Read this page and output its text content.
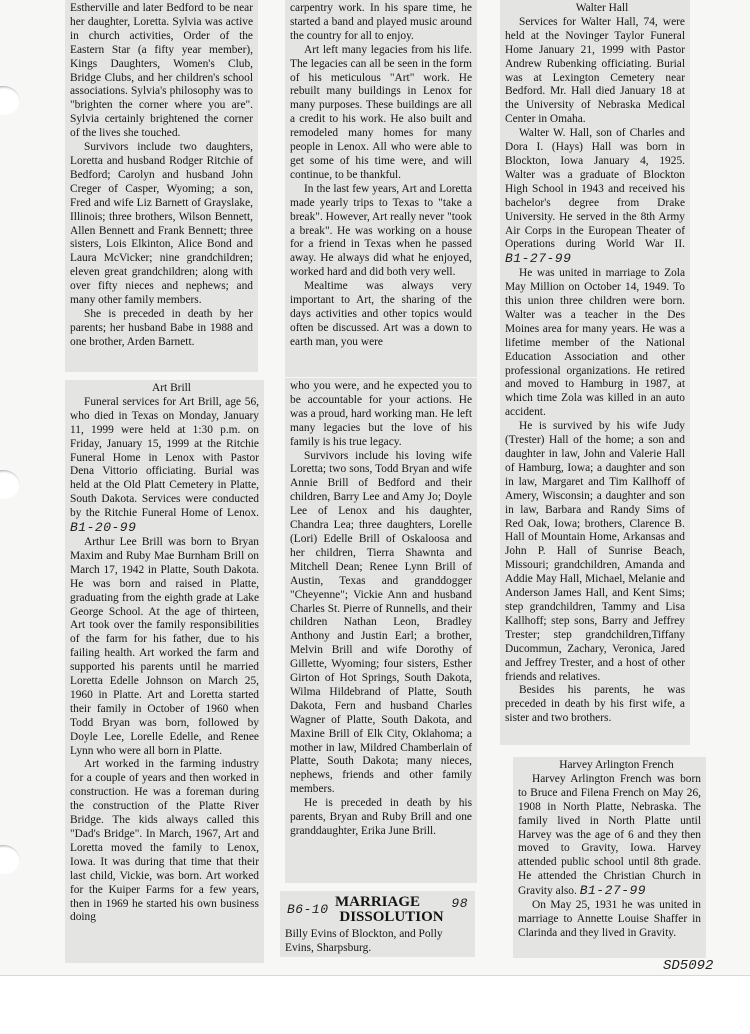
Estherville and later Bedford to be near her daughter, Loretta. Sylvia was active in church activities, Order of the Eastern Star (a fifty year member), Kings Daughters, Women's Club, Bridge Clubs, and her children's school associations. Sylvia's philosophy was to "brighten the corner where you are". Sylvia certainly brightened the corner of the lives she touched.

Survivors include two daughters, Loretta and husband Rodger Ritchie of Bedford; Carolyn and husband John Creger of Casper, Wyoming; a son, Fred and wife Liz Barnett of Grayslake, Illinois; three brothers, Wilson Bennett, Allen Bennett and Frank Bennett; three sisters, Lois Elkinton, Alice Bond and Laura McVicker; nine grandchildren; eleven great grandchildren; along with over fifty nieces and nephews; and many other family members.

She is preceded in death by her parents; her husband Babe in 1988 and one brother, Arden Barnett.

Art Brill

Funeral services for Art Brill, age 56, who died in Texas on Monday, January 11, 1999 were held at 1:30 p.m. on Friday, January 15, 1999 at the Ritchie Funeral Home in Lenox with Pastor Dena Vittorio officiating. Burial was held at the Old Platt Cemetery in Platte, South Dakota. Services were conducted by the Ritchie Funeral Home of Lenox. B1-20-99

Arthur Lee Brill was born to Bryan Maxim and Ruby Mae Burnham Brill on March 17, 1942 in Platte, South Dakota. He was born and raised in Platte, graduating from the eighth grade at Lake George School. At the age of thirteen, Art took over the family responsibilities of the farm for his father, due to his failing health. Art worked the farm and supported his parents until he married Loretta Edelle Johnson on March 25, 1960 in Platte. Art and Loretta started their family in October of 1960 when Todd Bryan was born, followed by Doyle Lee, Lorelle Edelle, and Renee Lynn who were all born in Platte.

Art worked in the farming industry for a couple of years and then worked in construction. He was a foreman during the construction of the Platte River Bridge. The kids always called this "Dad's Bridge". In March, 1967, Art and Loretta moved the family to Lenox, Iowa. It was during that time that their last child, Vickie, was born. Art worked for the Kuiper Farms for a few years, then in 1969 he started his own business doing

carpentry work. In his spare time, he started a band and played music around the country for all to enjoy.

Art left many legacies from his life. The legacies can all be seen in the form of his meticulous "Art" work. He rebuilt many buildings in Lenox for many purposes. These buildings are all a credit to his work. He also built and remodeled many homes for many people in Lenox. All who were able to get some of his time were, and will continue, to be thankful.

In the last few years, Art and Loretta made yearly trips to Texas to "take a break". However, Art really never "took a break". He was working on a house for a friend in Texas when he passed away. He always did what he enjoyed, worked hard and did both very well.

Mealtime was always very important to Art, the sharing of the days activities and other topics would often be discussed. Art was a down to earth man, you were

who you were, and he expected you to be accountable for your actions. He was a proud, hard working man. He left many legacies but the love of his family is his true legacy.

Survivors include his loving wife Loretta; two sons, Todd Bryan and wife Annie Brill of Bedford and their children, Barry Lee and Amy Jo; Doyle Lee of Lenox and his daughter, Chandra Lea; three daughters, Lorelle (Lori) Edelle Brill of Oskaloosa and her children, Tierra Shawnta and Mitchell Dean; Renee Lynn Brill of Austin, Texas and granddogger "Cheyenne"; Vickie Ann and husband Charles St. Pierre of Runnells, and their children Nathan Leon, Bradley Anthony and Justin Earl; a brother, Melvin Brill and wife Dorothy of Gillette, Wyoming; four sisters, Esther Girton of Hot Springs, South Dakota, Wilma Hildebrand of Platte, South Dakota, Fern and husband Charles Wagner of Platte, South Dakota, and Maxine Brill of Elk City, Oklahoma; a mother in law, Mildred Chamberlain of Platte, South Dakota; many nieces, nephews, friends and other family members.

He is preceded in death by his parents, Bryan and Ruby Brill and one granddaughter, Erika June Brill.

B6-10 MARRIAGE
DISSOLUTION
98

Billy Evins of Blockton, and Polly Evins, Sharpsburg.

Walter Hall

Services for Walter Hall, 74, were held at the Novinger Taylor Funeral Home January 21, 1999 with Pastor Andrew Rubenking officiating. Burial was at Lexington Cemetery near Bedford. Mr. Hall died January 18 at the University of Nebraska Medical Center in Omaha.

Walter W. Hall, son of Charles and Dora I. (Hays) Hall was born in Blockton, Iowa January 4, 1925. Walter was a graduate of Blockton High School in 1943 and received his bachelor's degree from Drake University. He served in the 8th Army Air Corps in the European Theater of Operations during World War II. B1-27-99

He was united in marriage to Zola May Million on October 14, 1949. To this union three children were born. Walter was a teacher in the Des Moines area for many years. He was a lifetime member of the National Education Association and other professional organizations. He retired and moved to Hamburg in 1987, at which time Zola was killed in an auto accident.

He is survived by his wife Judy (Trester) Hall of the home; a son and daughter in law, John and Valerie Hall of Hamburg, Iowa; a daughter and son in law, Margaret and Tim Kallhoff of Amery, Wisconsin; a daughter and son in law, Barbara and Randy Sims of Red Oak, Iowa; brothers, Clarence B. Hall of Mountain Home, Arkansas and John P. Hall of Sunrise Beach, Missouri; grandchildren, Amanda and Addie May Hall, Michael, Melanie and Anderson James Hall, and Kent Sims; step grandchildren, Tammy and Lisa Kallhoff; step sons, Barry and Jeffrey Trester; step grandchildren,Tiffany Ducommun, Zachary, Veronica, Jared and Jeffrey Trester, and a host of other friends and relatives.

Besides his parents, he was preceded in death by his first wife, a sister and two brothers.

Harvey Arlington French

Harvey Arlington French was born to Bruce and Filena French on May 26, 1908 in North Platte, Nebraska. The family lived in North Platte until Harvey was the age of 6 and they then moved to Gravity, Iowa. Harvey attended public school until 8th grade. He attended the Christian Church in Gravity also. B1-27-99

On May 25, 1931 he was united in marriage to Annette Louise Shaffer in Clarinda and they lived in Gravity.

SD5092
